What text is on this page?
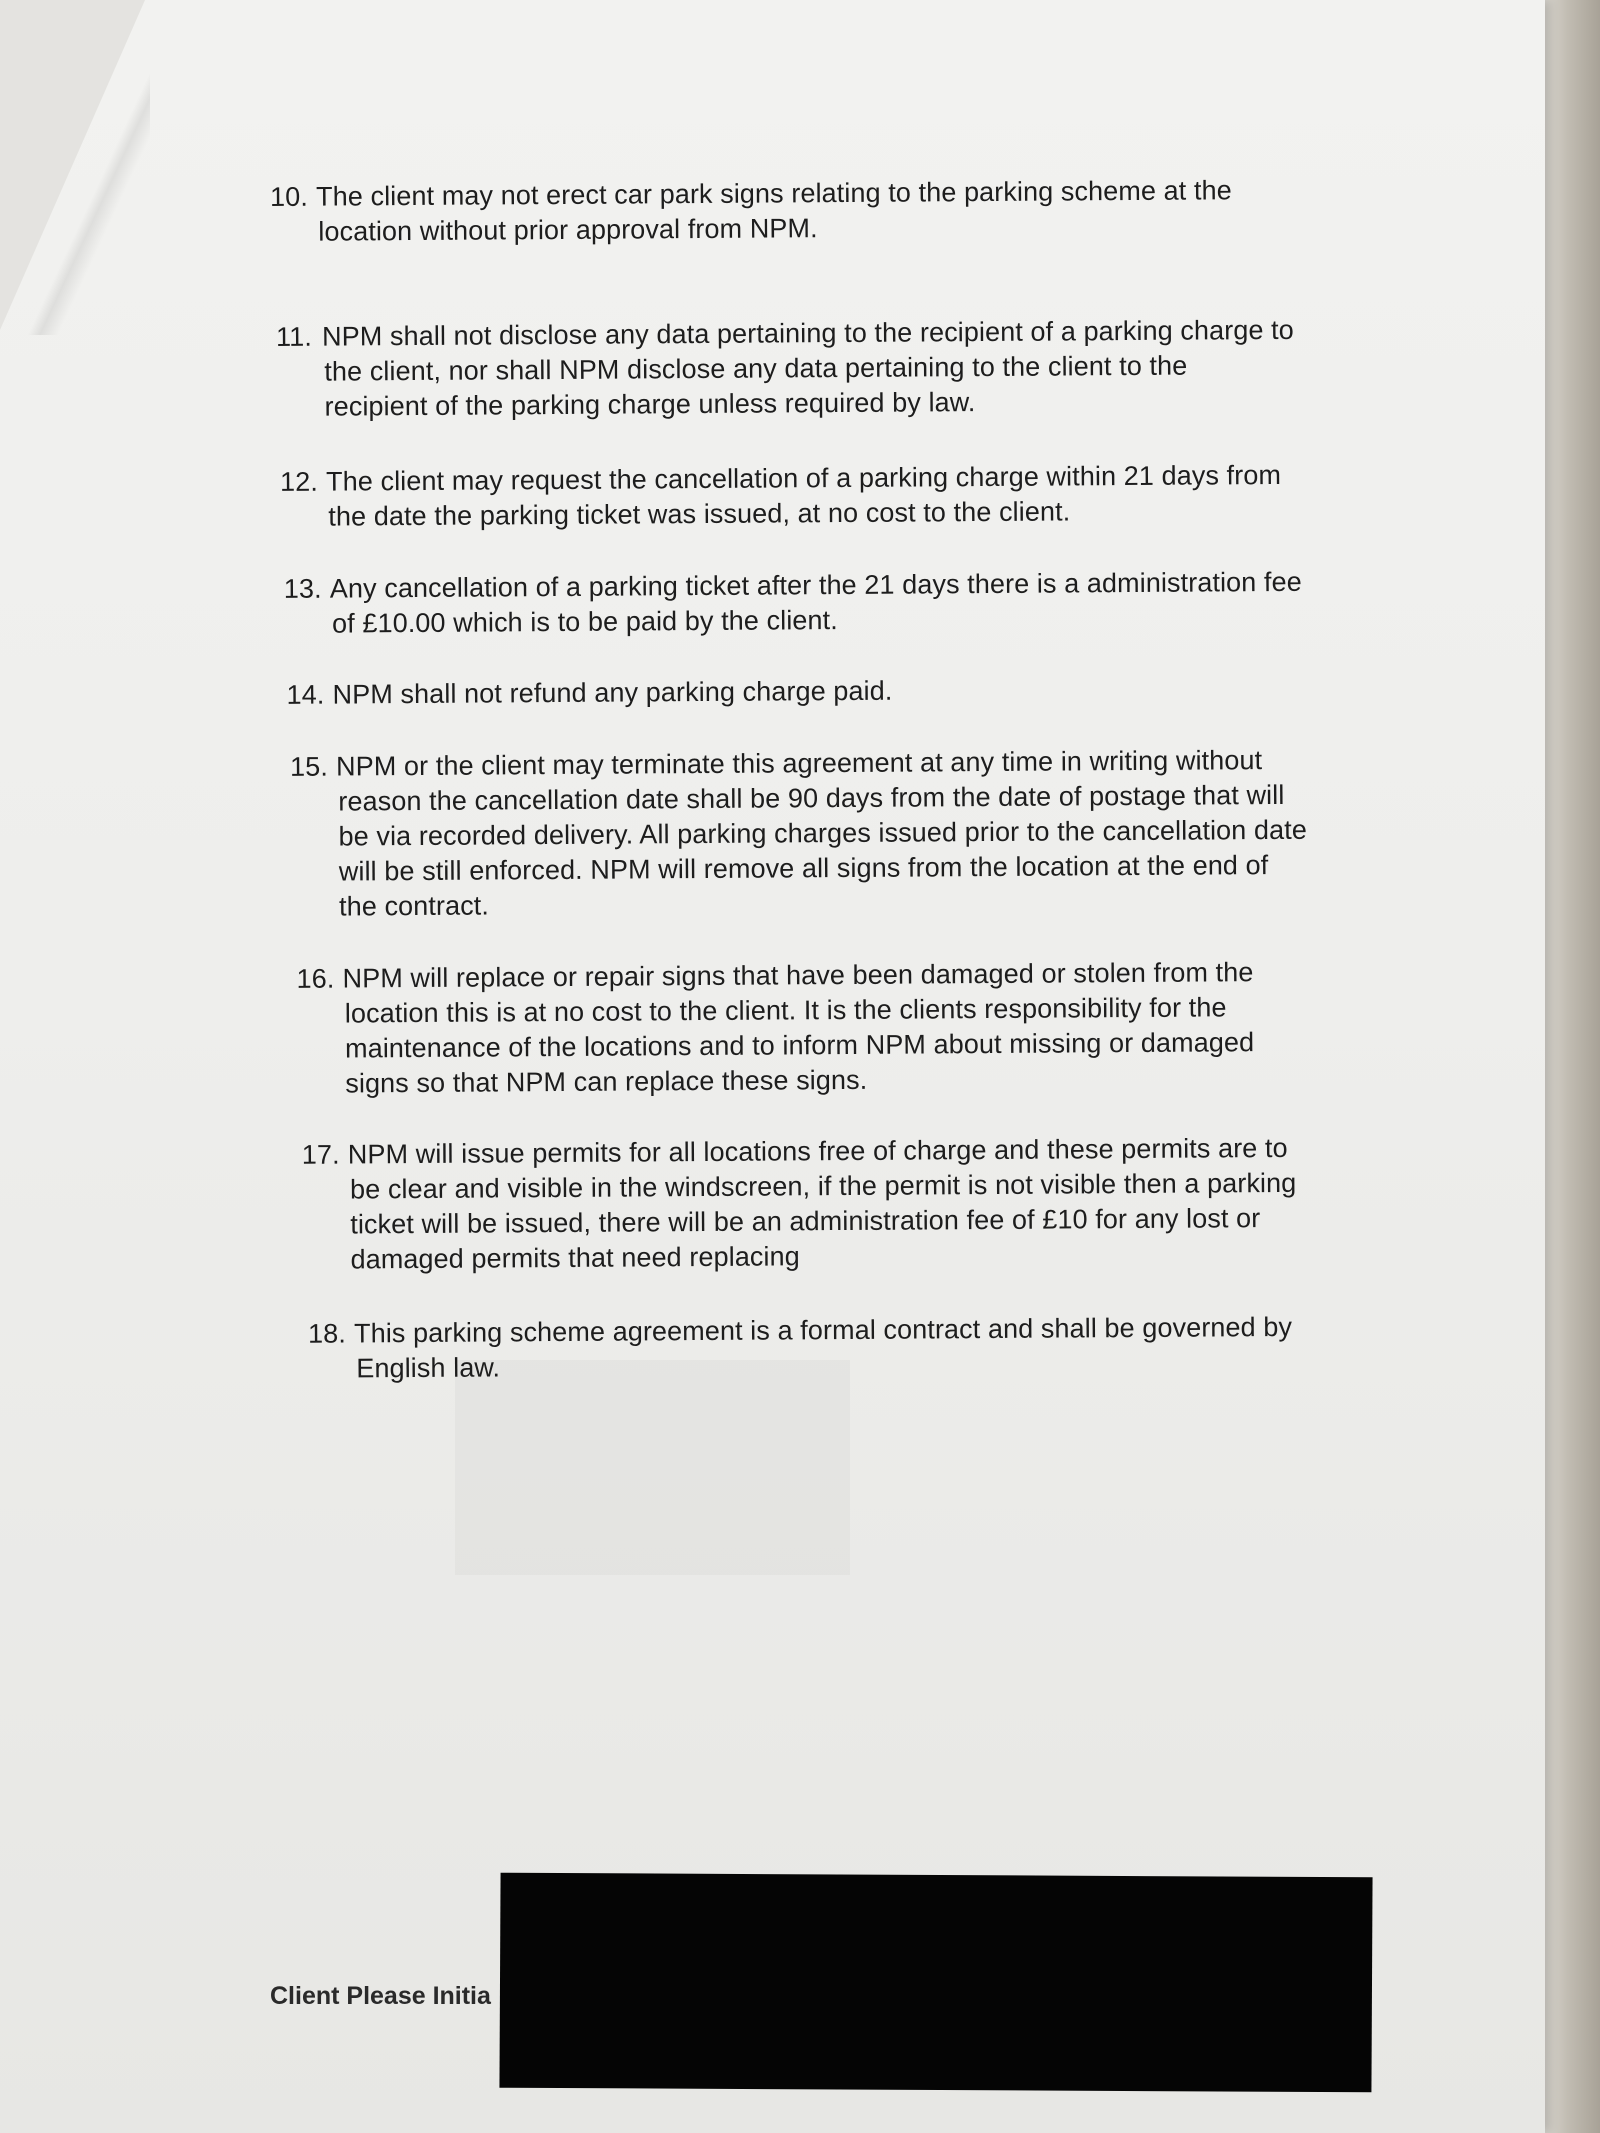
10. The client may not erect car park signs relating to the parking scheme at the location without prior approval from NPM.
11. NPM shall not disclose any data pertaining to the recipient of a parking charge to the client, nor shall NPM disclose any data pertaining to the client to the recipient of the parking charge unless required by law.
12. The client may request the cancellation of a parking charge within 21 days from the date the parking ticket was issued, at no cost to the client.
13. Any cancellation of a parking ticket after the 21 days there is a administration fee of £10.00 which is to be paid by the client.
14. NPM shall not refund any parking charge paid.
15. NPM or the client may terminate this agreement at any time in writing without reason the cancellation date shall be 90 days from the date of postage that will be via recorded delivery. All parking charges issued prior to the cancellation date will be still enforced. NPM will remove all signs from the location at the end of the contract.
16. NPM will replace or repair signs that have been damaged or stolen from the location this is at no cost to the client. It is the clients responsibility for the maintenance of the locations and to inform NPM about missing or damaged signs so that NPM can replace these signs.
17. NPM will issue permits for all locations free of charge and these permits are to be clear and visible in the windscreen, if the permit is not visible then a parking ticket will be issued, there will be an administration fee of £10 for any lost or damaged permits that need replacing
18. This parking scheme agreement is a formal contract and shall be governed by English law.
Client Please Initia
